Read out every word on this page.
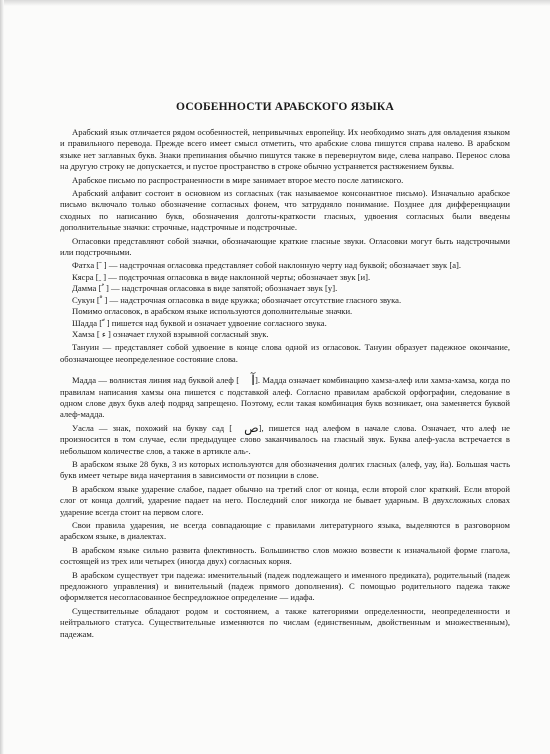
ОСОБЕННОСТИ АРАБСКОГО ЯЗЫКА

Арабский язык отличается рядом особенностей, непривычных европейцу. Их необходимо знать для овладения языком и правильного перевода. Прежде всего имеет смысл отметить, что арабские слова пишутся справа налево. В арабском языке нет заглавных букв. Знаки препинания обычно пишутся также в перевернутом виде, слева направо. Перенос слова на другую строку не допускается, и пустое пространство в строке обычно устраняется растяжением буквы.

Арабское письмо по распространенности в мире занимает второе место после латинского.

Арабский алфавит состоит в основном из согласных (так называемое консонантное письмо). Изначально арабское письмо включало только обозначение согласных фонем, что затрудняло понимание. Позднее для дифференциации сходных по написанию букв, обозначения долготы-краткости гласных, удвоения согласных были введены дополнительные значки: строчные, надстрочные и подстрочные.

Огласовки представляют собой значки, обозначающие краткие гласные звуки. Огласовки могут быть надстрочными или подстрочными.

Фатха [ َ ] — надстрочная огласовка представляет собой наклонную черту над буквой; обозначает звук [а].

Кясра [ ِ ] — подстрочная огласовка в виде наклонной черты; обозначает звук [и].

Дамма [ ُ ] — надстрочная огласовка в виде запятой; обозначает звук [у].

Сукун [ ْ ] — надстрочная огласовка в виде кружка; обозначает отсутствие гласного звука.

Помимо огласовок, в арабском языке используются дополнительные значки.

Шадда [ ّ ] пишется над буквой и означает удвоение согласного звука.

Хамза [ ء ] означает глухой взрывной согласный звук.

Тануин — представляет собой удвоение в конце слова одной из огласовок. Тануин образует падежное окончание, обозначающее неопределенное состояние слова.

Мадда — волнистая линия над буквой алеф [ آ]. Мадда означает комбинацию хамза-алеф или хамза-хамза, когда по правилам написания хамзы она пишется с подставкой алеф. Согласно правилам арабской орфографии, следование в одном слове двух букв алеф подряд запрещено. Поэтому, если такая комбинация букв возникает, она заменяется буквой алеф-мадда.

Уасла — знак, похожий на букву сад [ ص], пишется над алефом в начале слова. Означает, что алеф не произносится в том случае, если предыдущее слово заканчивалось на гласный звук. Буква алеф-уасла встречается в небольшом количестве слов, а также в артикле аль-.

В арабском языке 28 букв, 3 из которых используются для обозначения долгих гласных (алеф, уау, йа). Большая часть букв имеет четыре вида начертания в зависимости от позиции в слове.

В арабском языке ударение слабое, падает обычно на третий слог от конца, если второй слог краткий. Если второй слог от конца долгий, ударение падает на него. Последний слог никогда не бывает ударным. В двухсложных словах ударение всегда стоит на первом слоге.

Свои правила ударения, не всегда совпадающие с правилами литературного языка, выделяются в разговорном арабском языке, в диалектах.

В арабском языке сильно развита флективность. Большинство слов можно возвести к изначальной форме глагола, состоящей из трех или четырех (иногда двух) согласных корня.

В арабском существует три падежа: именительный (падеж подлежащего и именного предиката), родительный (падеж предложного управления) и винительный (падеж прямого дополнения). С помощью родительного падежа также оформляется несогласованное беспредложное определение — идафа.

Существительные обладают родом и состоянием, а также категориями определенности, неопределенности и нейтрального статуса. Существительные изменяются по числам (единственным, двойственным и множественным), падежам.
